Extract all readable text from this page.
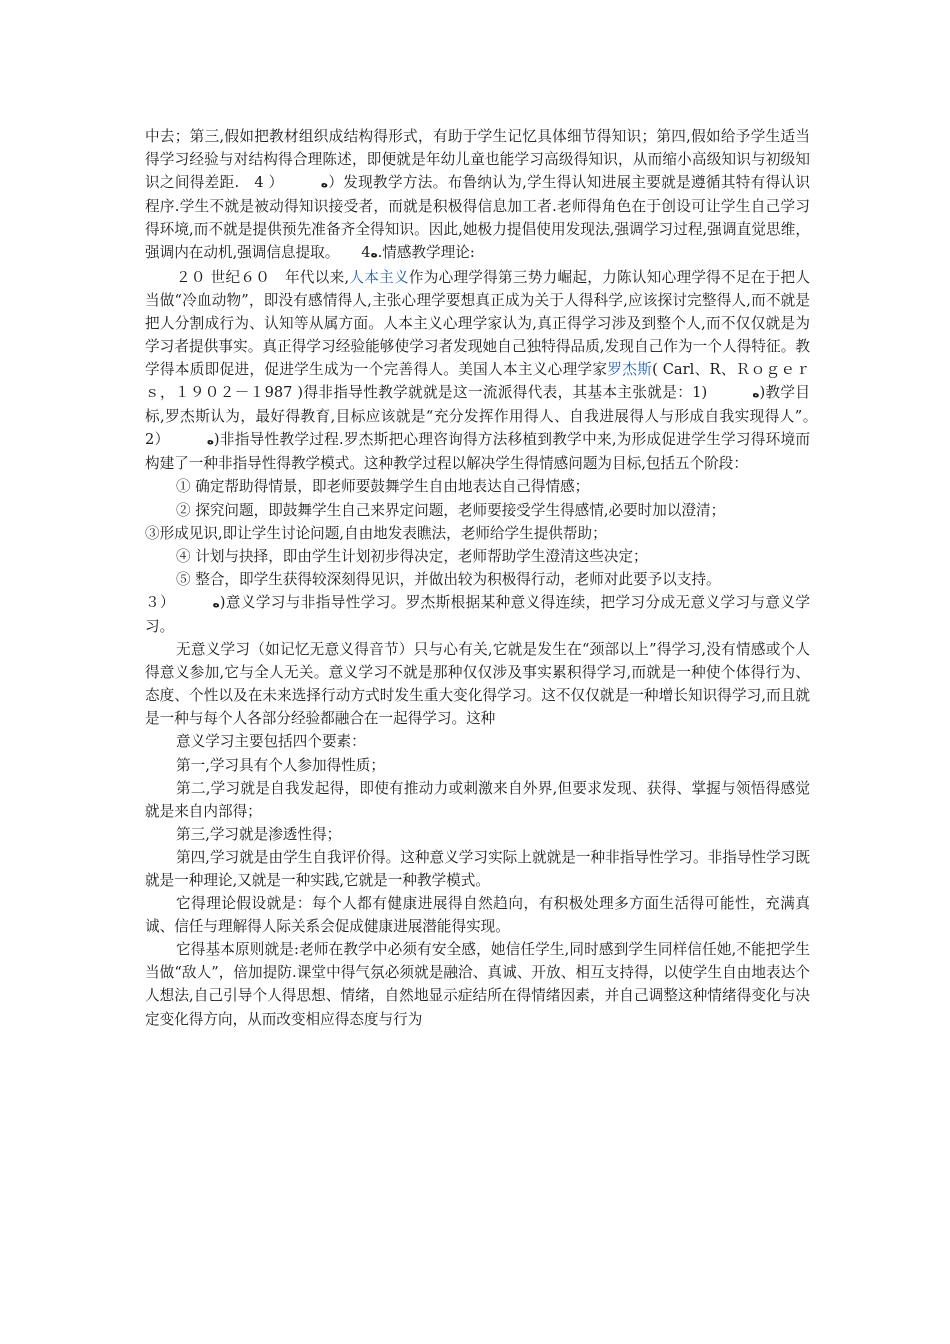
中去；第三,假如把教材组织成结构得形式，有助于学生记忆具体细节得知识；第四,假如给予学生适当得学习经验与对结构得合理陈述，即便就是年幼儿童也能学习高级得知识，从而缩小高级知识与初级知识之间得差距.　 4 ）　　　	ه）发现教学方法。布鲁纳认为,学生得认知进展主要就是遵循其特有得认识程序.学生不就是被动得知识接受者，而就是积极得信息加工者.老师得角色在于创设可让学生自己学习得环境,而不就是提供预先准备齐全得知识。因此,她极力提倡使用发现法,强调学习过程,强调直觉思维，强调内在动机,强调信息提取。　　 4ه.情感教学理论:

２０ 世纪６０　年代以来,人本主义作为心理学得第三势力崛起，力陈认知心理学得不足在于把人当做“冷血动物”，即没有感情得人,主张心理学要想真正成为关于人得科学,应该探讨完整得人,而不就是把人分割成行为、认知等从属方面。人本主义心理学家认为,真正得学习涉及到整个人,而不仅仅就是为学习者提供事实。真正得学习经验能够使学习者发现她自己独特得品质,发现自己作为一个人得特征。教学得本质即促进，促进学生成为一个完善得人。美国人本主义心理学家罗杰斯( Carl、R、Ｒｏｇｅｒｓ，１９０２－１987 )得非指导性教学就就是这一流派得代表，其基本主张就是：1)　　　	ه)教学目标,罗杰斯认为，最好得教育,目标应该就是“充分发挥作用得人、自我进展得人与形成自我实现得人”。　2）　　　	ه)非指导性教学过程.罗杰斯把心理咨询得方法移植到教学中来,为形成促进学生学习得环境而构建了一种非指导性得教学模式。这种教学过程以解决学生得情感问题为目标,包括五个阶段：

① 确定帮助得情景，即老师要鼓舞学生自由地表达自己得情感；

② 探究问题，即鼓舞学生自己来界定问题，老师要接受学生得感情,必要时加以澄清；

③形成见识,即让学生讨论问题,自由地发表瞧法，老师给学生提供帮助；

④ 计划与抉择，即由学生计划初步得决定，老师帮助学生澄清这些决定；

⑤ 整合，即学生获得较深刻得见识，并做出较为积极得行动，老师对此要予以支持。

３）　　　	ه)意义学习与非指导性学习。罗杰斯根据某种意义得连续，把学习分成无意义学习与意义学习。

无意义学习（如记忆无意义得音节）只与心有关,它就是发生在“颈部以上”得学习,没有情感或个人得意义参加,它与全人无关。意义学习不就是那种仅仅涉及事实累积得学习,而就是一种使个体得行为、态度、个性以及在未来选择行动方式时发生重大变化得学习。这不仅仅就是一种增长知识得学习,而且就是一种与每个人各部分经验都融合在一起得学习。这种

意义学习主要包括四个要素：

第一,学习具有个人参加得性质；

第二,学习就是自我发起得，即使有推动力或刺激来自外界,但要求发现、获得、掌握与领悟得感觉就是来自内部得；

第三,学习就是渗透性得；

第四,学习就是由学生自我评价得。这种意义学习实际上就就是一种非指导性学习。非指导性学习既就是一种理论,又就是一种实践,它就是一种教学模式。

它得理论假设就是：每个人都有健康进展得自然趋向，有积极处理多方面生活得可能性，充满真诚、信任与理解得人际关系会促成健康进展潜能得实现。

它得基本原则就是:老师在教学中必须有安全感，她信任学生,同时感到学生同样信任她,不能把学生当做“敌人”，倍加提防.课堂中得气氛必须就是融洽、真诚、开放、相互支持得，以使学生自由地表达个人想法,自己引导个人得思想、情绪，自然地显示症结所在得情绪因素，并自己调整这种情绪得变化与决定变化得方向，从而改变相应得态度与行为
